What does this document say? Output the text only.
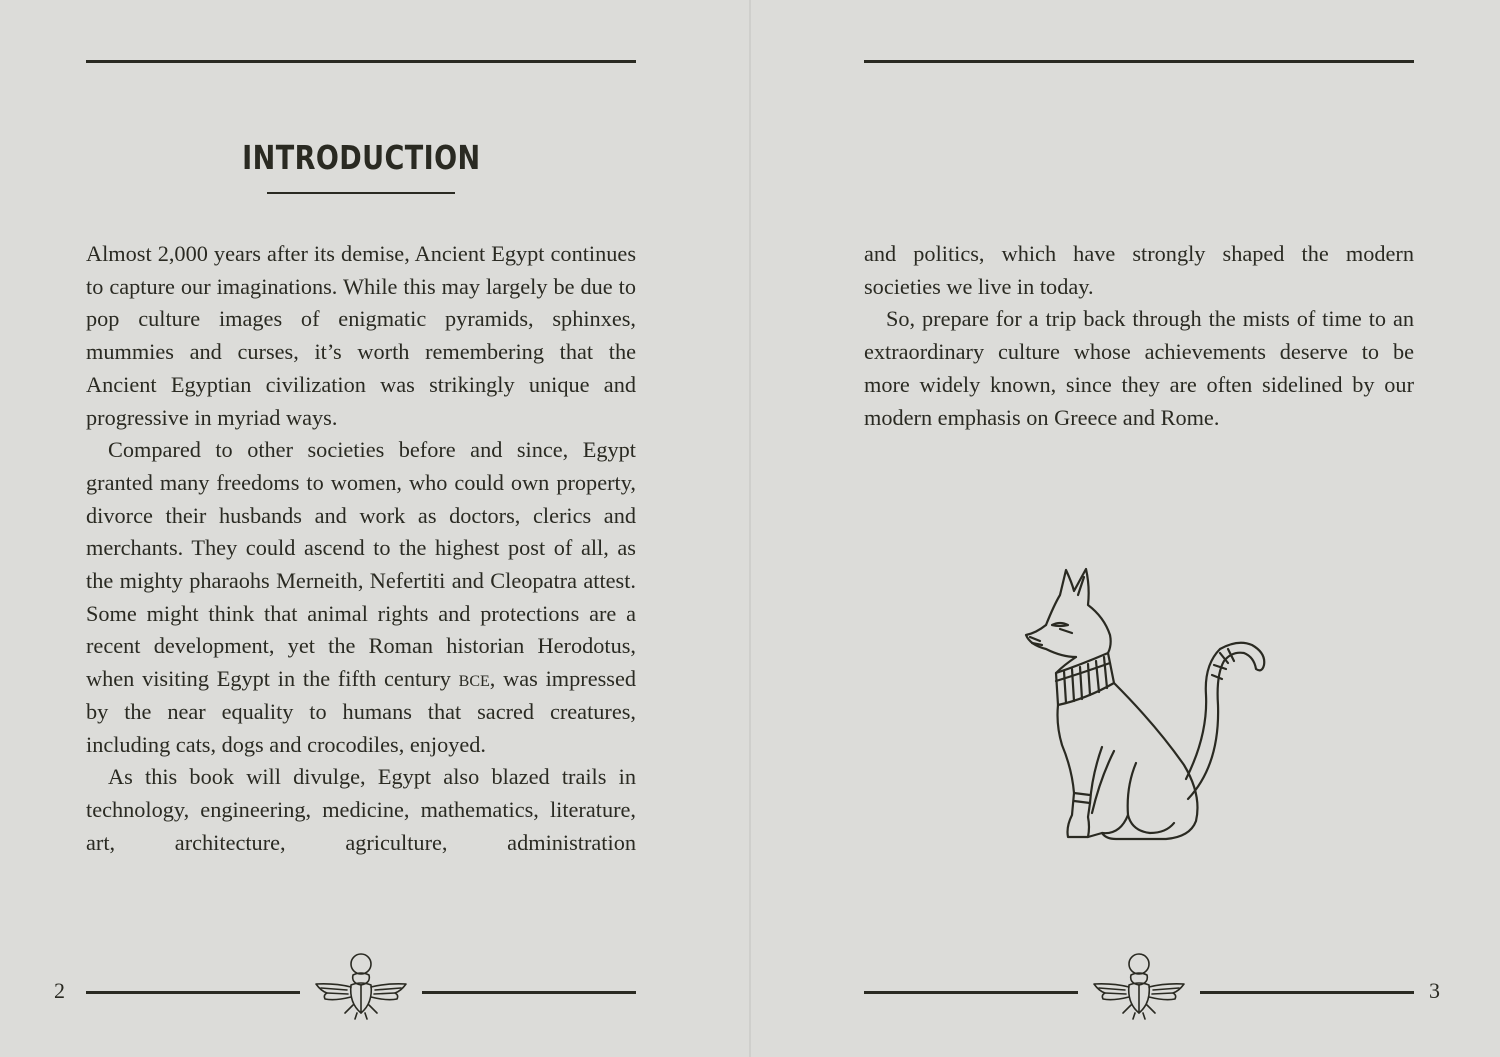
INTRODUCTION

Almost 2,000 years after its demise, Ancient Egypt continues to capture our imaginations. While this may largely be due to pop culture images of enigmatic pyramids, sphinxes, mummies and curses, it’s worth remembering that the Ancient Egyptian civilization was strikingly unique and progressive in myriad ways.

Compared to other societies before and since, Egypt granted many freedoms to women, who could own property, divorce their husbands and work as doctors, clerics and merchants. They could ascend to the highest post of all, as the mighty pharaohs Merneith, Nefertiti and Cleopatra attest. Some might think that animal rights and protections are a recent development, yet the Roman historian Herodotus, when visiting Egypt in the fifth century bce, was impressed by the near equality to humans that sacred creatures, including cats, dogs and crocodiles, enjoyed.

As this book will divulge, Egypt also blazed trails in technology, engineering, medicine, mathematics, literature, art, architecture, agriculture, administration

2

and politics, which have strongly shaped the modern societies we live in today.

So, prepare for a trip back through the mists of time to an extraordinary culture whose achievements deserve to be more widely known, since they are often sidelined by our modern emphasis on Greece and Rome.

3
